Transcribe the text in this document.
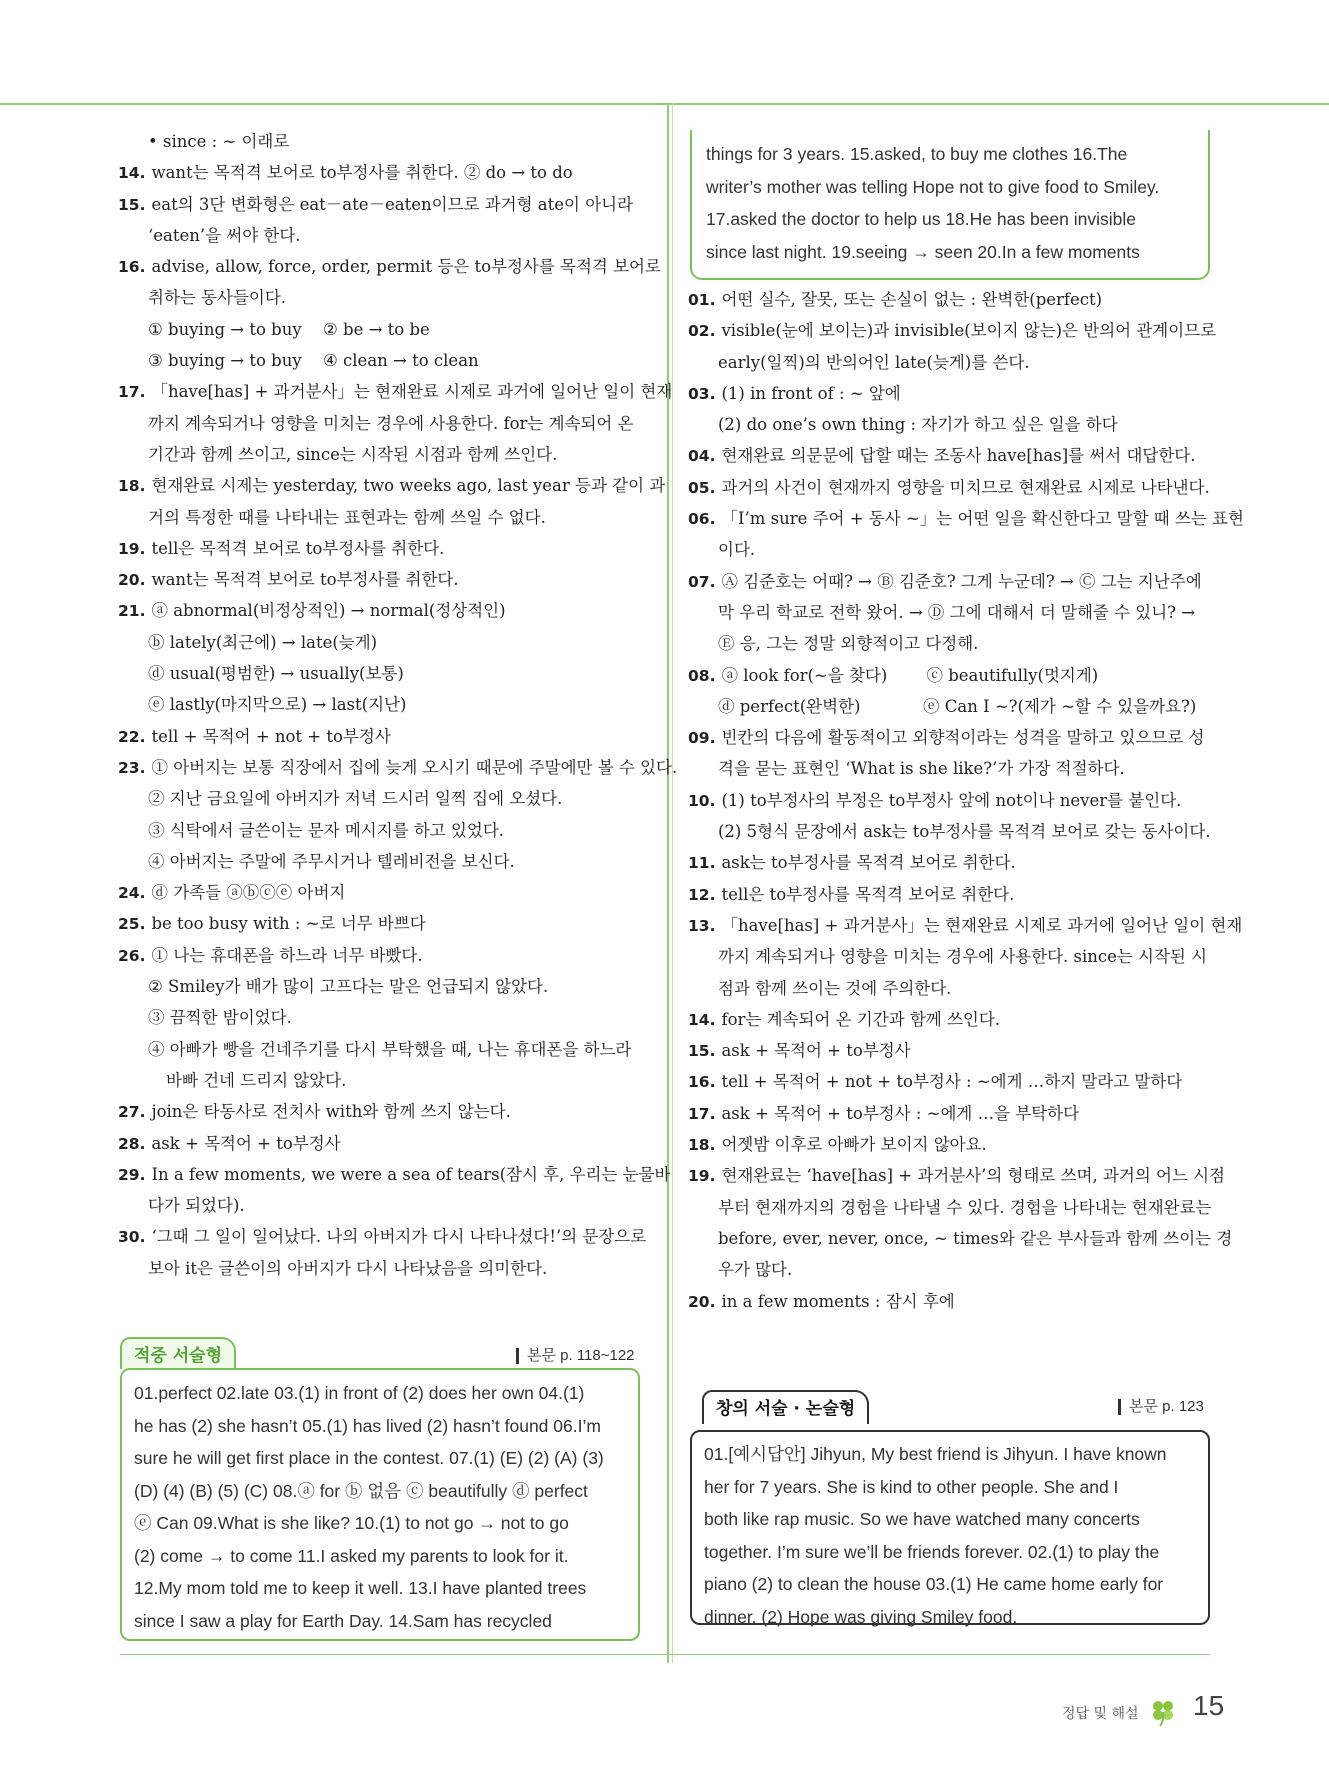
• since : ~ 이래로
14. want는 목적격 보어로 to부정사를 취한다. ② do → to do
15. eat의 3단 변화형은 eat－ate－eaten이므로 과거형 ate이 아니라
‘eaten’을 써야 한다.
16. advise, allow, force, order, permit 등은 to부정사를 목적격 보어로
취하는 동사들이다.
① buying → to buy ② be → to be
③ buying → to buy ④ clean → to clean
17. 「have[has] + 과거분사」는 현재완료 시제로 과거에 일어난 일이 현재
까지 계속되거나 영향을 미치는 경우에 사용한다. for는 계속되어 온
기간과 함께 쓰이고, since는 시작된 시점과 함께 쓰인다.
18. 현재완료 시제는 yesterday, two weeks ago, last year 등과 같이 과
거의 특정한 때를 나타내는 표현과는 함께 쓰일 수 없다.
19. tell은 목적격 보어로 to부정사를 취한다.
20. want는 목적격 보어로 to부정사를 취한다.
21. ⓐ abnormal(비정상적인) → normal(정상적인)
ⓑ lately(최근에) → late(늦게)
ⓓ usual(평범한) → usually(보통)
ⓔ lastly(마지막으로) → last(지난)
22. tell + 목적어 + not + to부정사
23. ① 아버지는 보통 직장에서 집에 늦게 오시기 때문에 주말에만 볼 수 있다.
② 지난 금요일에 아버지가 저녁 드시러 일찍 집에 오셨다.
③ 식탁에서 글쓴이는 문자 메시지를 하고 있었다.
④ 아버지는 주말에 주무시거나 텔레비전을 보신다.
24. ⓓ 가족들 ⓐⓑⓒⓔ 아버지
25. be too busy with : ~로 너무 바쁘다
26. ① 나는 휴대폰을 하느라 너무 바빴다.
② Smiley가 배가 많이 고프다는 말은 언급되지 않았다.
③ 끔찍한 밤이었다.
④ 아빠가 빵을 건네주기를 다시 부탁했을 때, 나는 휴대폰을 하느라
바빠 건네 드리지 않았다.
27. join은 타동사로 전치사 with와 함께 쓰지 않는다.
28. ask + 목적어 + to부정사
29. In a few moments, we were a sea of tears(잠시 후, 우리는 눈물바
다가 되었다).
30. ‘그때 그 일이 일어났다. 나의 아버지가 다시 나타나셨다!’의 문장으로
보아 it은 글쓴이의 아버지가 다시 나타났음을 의미한다.
things for 3 years. 15.asked, to buy me clothes 16.The
writer’s mother was telling Hope not to give food to Smiley.
17.asked the doctor to help us 18.He has been invisible
since last night. 19.seeing → seen 20.In a few moments
01. 어떤 실수, 잘못, 또는 손실이 없는 : 완벽한(perfect)
02. visible(눈에 보이는)과 invisible(보이지 않는)은 반의어 관계이므로
early(일찍)의 반의어인 late(늦게)를 쓴다.
03. (1) in front of : ~ 앞에
(2) do one’s own thing : 자기가 하고 싶은 일을 하다
04. 현재완료 의문문에 답할 때는 조동사 have[has]를 써서 대답한다.
05. 과거의 사건이 현재까지 영향을 미치므로 현재완료 시제로 나타낸다.
06. 「I’m sure 주어 + 동사 ~」는 어떤 일을 확신한다고 말할 때 쓰는 표현
이다.
07. Ⓐ 김준호는 어때? → Ⓑ 김준호? 그게 누군데? → Ⓒ 그는 지난주에
막 우리 학교로 전학 왔어. → Ⓓ 그에 대해서 더 말해줄 수 있니? →
Ⓔ 응, 그는 정말 외향적이고 다정해.
08. ⓐ look for(~을 찾다) ⓒ beautifully(멋지게)
ⓓ perfect(완벽한)	ⓔ Can I ~?(제가 ~할 수 있을까요?)
09. 빈칸의 다음에 활동적이고 외향적이라는 성격을 말하고 있으므로 성
격을 묻는 표현인 ‘What is she like?’가 가장 적절하다.
10. (1) to부정사의 부정은 to부정사 앞에 not이나 never를 붙인다.
(2) 5형식 문장에서 ask는 to부정사를 목적격 보어로 갖는 동사이다.
11. ask는 to부정사를 목적격 보어로 취한다.
12. tell은 to부정사를 목적격 보어로 취한다.
13. 「have[has] + 과거분사」는 현재완료 시제로 과거에 일어난 일이 현재
까지 계속되거나 영향을 미치는 경우에 사용한다. since는 시작된 시
점과 함께 쓰이는 것에 주의한다.
14. for는 계속되어 온 기간과 함께 쓰인다.
15. ask + 목적어 + to부정사
16. tell + 목적어 + not + to부정사 : ~에게 …하지 말라고 말하다
17. ask + 목적어 + to부정사 : ~에게 …을 부탁하다
18. 어젯밤 이후로 아빠가 보이지 않아요.
19. 현재완료는 ‘have[has] + 과거분사’의 형태로 쓰며, 과거의 어느 시점
부터 현재까지의 경험을 나타낼 수 있다. 경험을 나타내는 현재완료는
before, ever, never, once, ~ times와 같은 부사들과 함께 쓰이는 경
우가 많다.
20. in a few moments : 잠시 후에
적중 서술형	본문 p. 118~122
01.perfect 02.late 03.(1) in front of (2) does her own 04.(1)
he has (2) she hasn’t 05.(1) has lived (2) hasn’t found 06.I’m
sure he will get first place in the contest. 07.(1) (E) (2) (A) (3)
(D) (4) (B) (5) (C) 08.ⓐ for ⓑ 없음 ⓒ beautifully ⓓ perfect
ⓔ Can 09.What is she like? 10.(1) to not go → not to go
(2) come → to come 11.I asked my parents to look for it.
12.My mom told me to keep it well. 13.I have planted trees
since I saw a play for Earth Day. 14.Sam has recycled
창의 서술 · 논술형	본문 p. 123
01.[예시답안] Jihyun, My best friend is Jihyun. I have known
her for 7 years. She is kind to other people. She and I
both like rap music. So we have watched many concerts
together. I’m sure we’ll be friends forever. 02.(1) to play the
piano (2) to clean the house 03.(1) He came home early for
dinner. (2) Hope was giving Smiley food.
정답 및 해설 15
